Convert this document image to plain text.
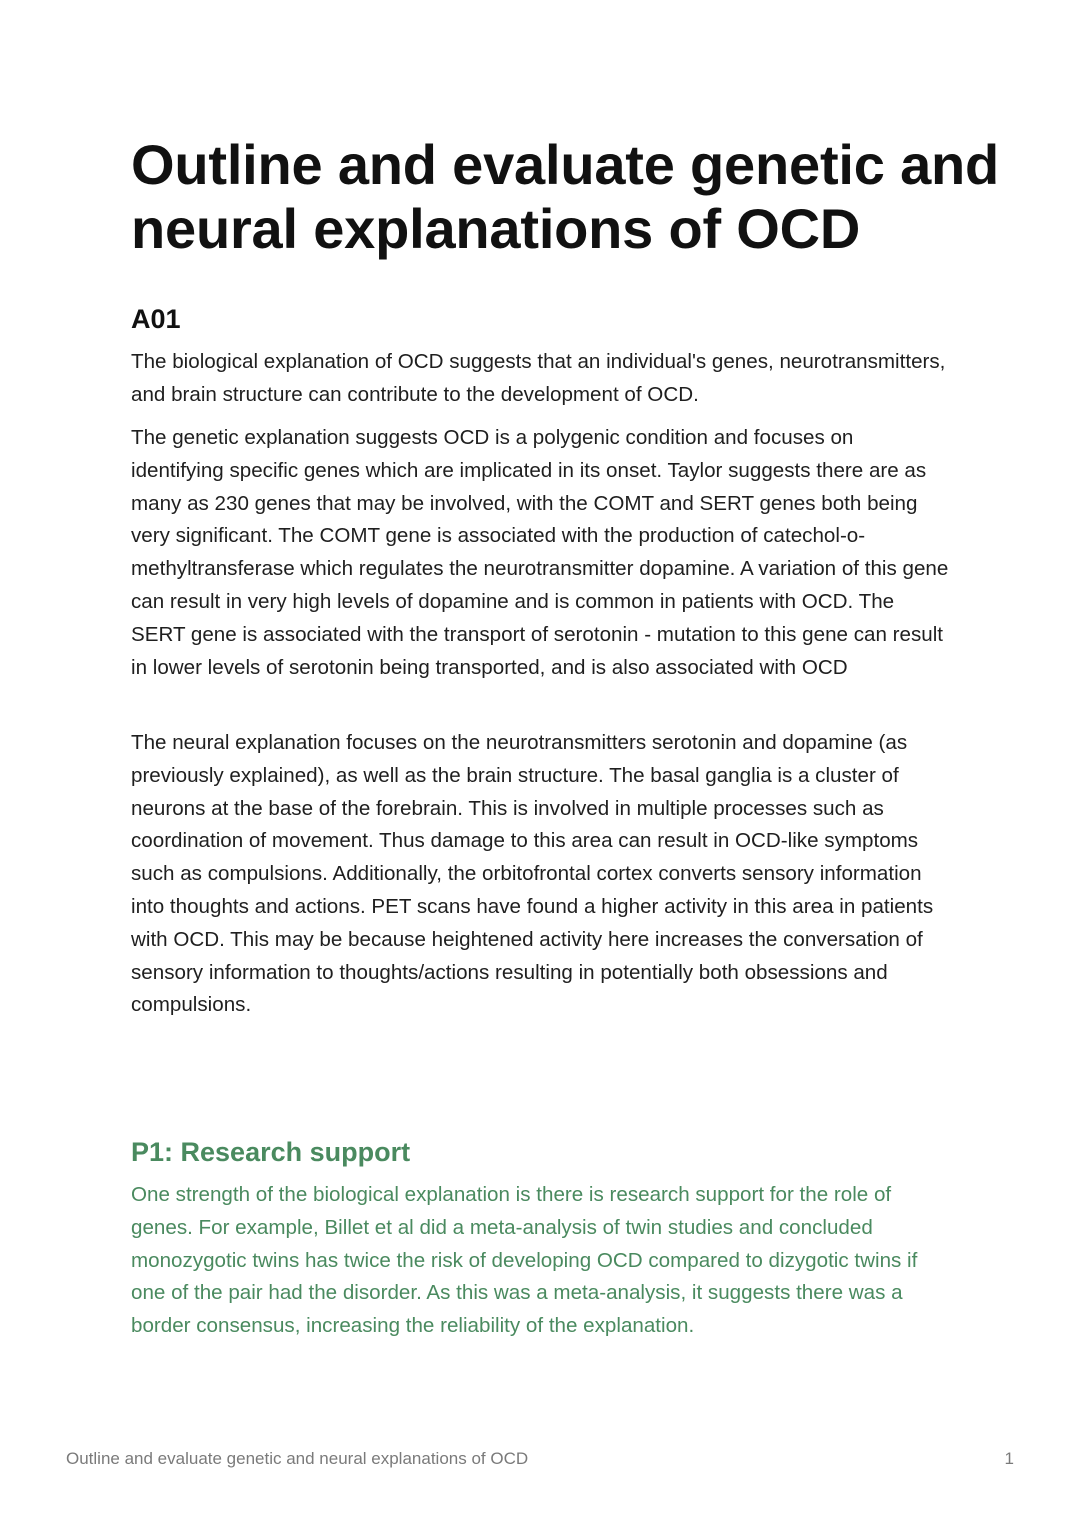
Outline and evaluate genetic and neural explanations of OCD
A01

The biological explanation of OCD suggests that an individual's genes, neurotransmitters, and brain structure can contribute to the development of OCD.

The genetic explanation suggests OCD is a polygenic condition and focuses on identifying specific genes which are implicated in its onset. Taylor suggests there are as many as 230 genes that may be involved, with the COMT and SERT genes both being very significant. The COMT gene is associated with the production of catechol-o-methyltransferase which regulates the neurotransmitter dopamine. A variation of this gene can result in very high levels of dopamine and is common in patients with OCD. The SERT gene is associated with the transport of serotonin - mutation to this gene can result in lower levels of serotonin being transported, and is also associated with OCD

The neural explanation focuses on the neurotransmitters serotonin and dopamine (as previously explained), as well as the brain structure. The basal ganglia is a cluster of neurons at the base of the forebrain. This is involved in multiple processes such as coordination of movement. Thus damage to this area can result in OCD-like symptoms such as compulsions. Additionally, the orbitofrontal cortex converts sensory information into thoughts and actions. PET scans have found a higher activity in this area in patients with OCD. This may be because heightened activity here increases the conversation of sensory information to thoughts/actions resulting in potentially both obsessions and compulsions.

P1: Research support

One strength of the biological explanation is there is research support for the role of genes. For example, Billet et al did a meta-analysis of twin studies and concluded monozygotic twins has twice the risk of developing OCD compared to dizygotic twins if one of the pair had the disorder. As this was a meta-analysis, it suggests there was a border consensus, increasing the reliability of the explanation.

Outline and evaluate genetic and neural explanations of OCD	1
